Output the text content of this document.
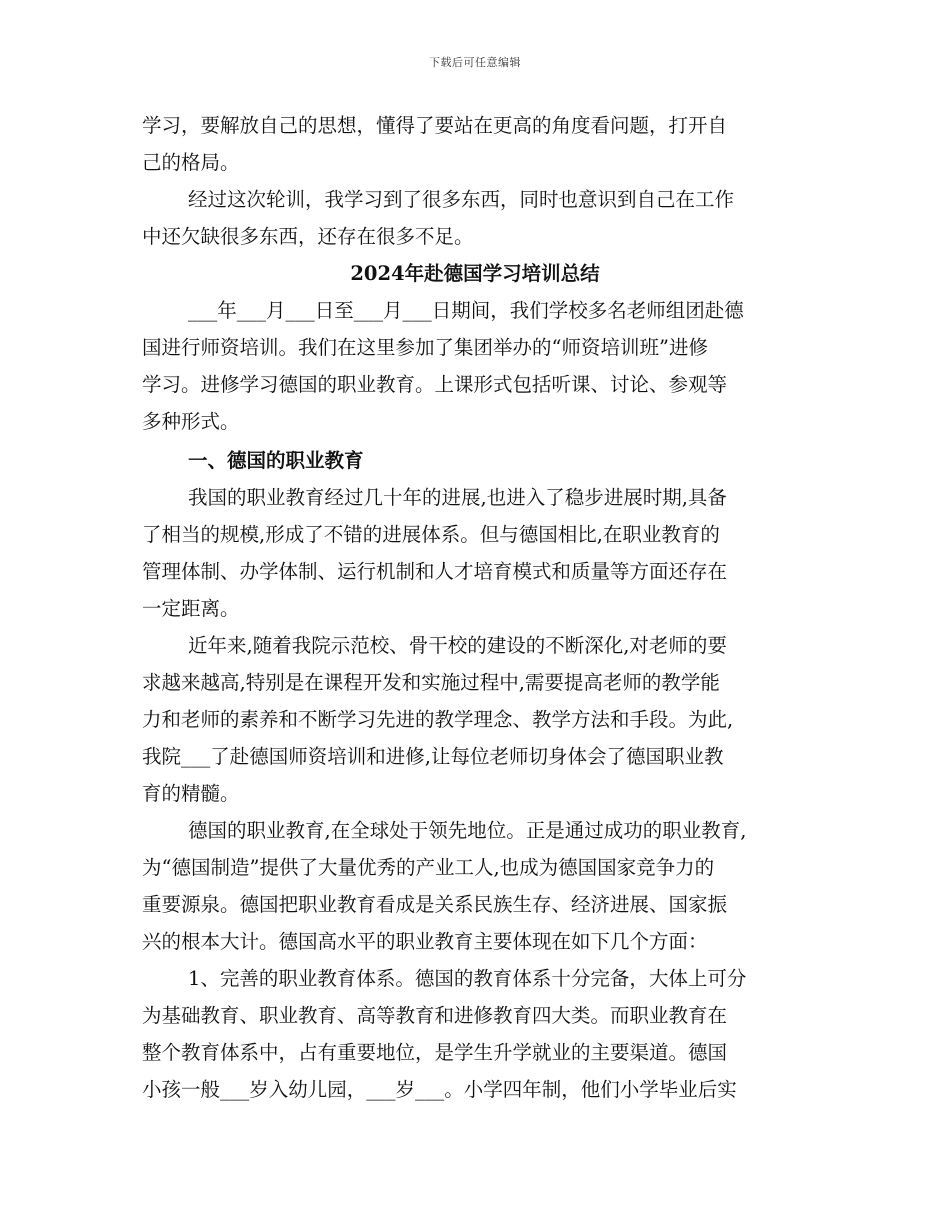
下载后可任意编辑
学习，要解放自己的思想，懂得了要站在更高的角度看问题，打开自
己的格局。
经过这次轮训，我学习到了很多东西，同时也意识到自己在工作
中还欠缺很多东西，还存在很多不足。
2024年赴德国学习培训总结
___年___月___日至___月___日期间，我们学校多名老师组团赴德
国进行师资培训。我们在这里参加了集团举办的“师资培训班”进修
学习。进修学习德国的职业教育。上课形式包括听课、讨论、参观等
多种形式。
一、德国的职业教育
我国的职业教育经过几十年的进展,也进入了稳步进展时期,具备
了相当的规模,形成了不错的进展体系。但与德国相比,在职业教育的
管理体制、办学体制、运行机制和人才培育模式和质量等方面还存在
一定距离。
近年来,随着我院示范校、骨干校的建设的不断深化,对老师的要
求越来越高,特别是在课程开发和实施过程中,需要提高老师的教学能
力和老师的素养和不断学习先进的教学理念、教学方法和手段。为此,
我院___了赴德国师资培训和进修,让每位老师切身体会了德国职业教
育的精髓。
德国的职业教育,在全球处于领先地位。正是通过成功的职业教育,
为“德国制造”提供了大量优秀的产业工人,也成为德国国家竞争力的
重要源泉。德国把职业教育看成是关系民族生存、经济进展、国家振
兴的根本大计。德国高水平的职业教育主要体现在如下几个方面：
1、完善的职业教育体系。德国的教育体系十分完备，大体上可分
为基础教育、职业教育、高等教育和进修教育四大类。而职业教育在
整个教育体系中，占有重要地位，是学生升学就业的主要渠道。德国
小孩一般___岁入幼儿园，___岁___。小学四年制，他们小学毕业后实
